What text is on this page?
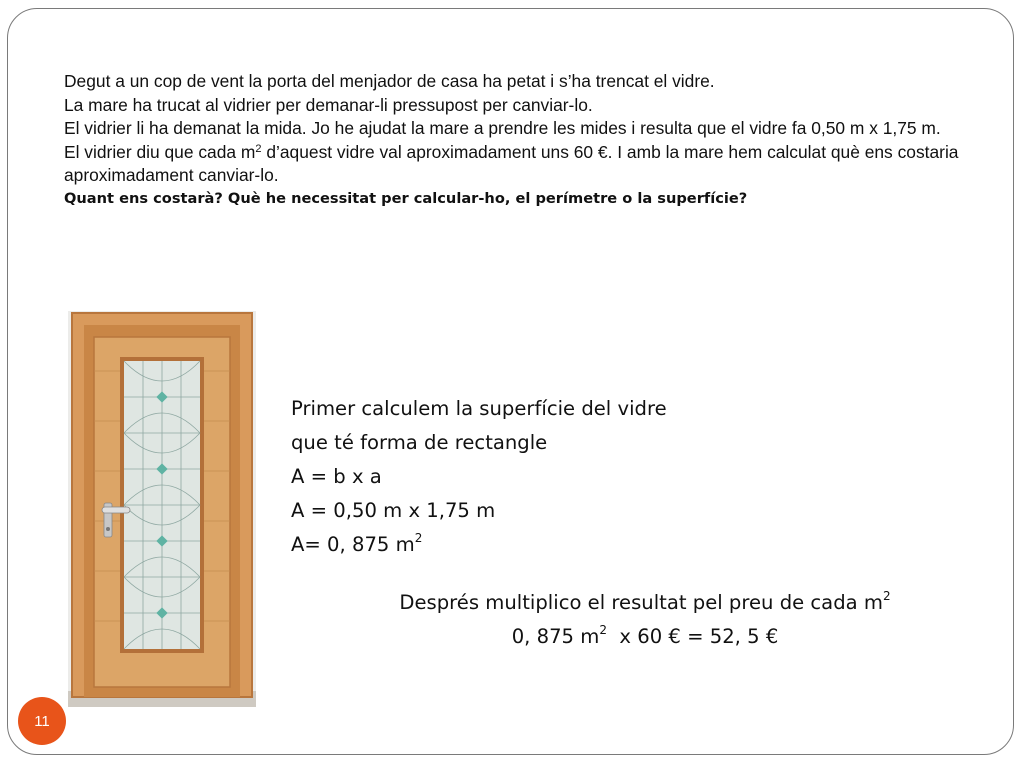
Degut a un cop de vent la porta del menjador de casa ha petat i s’ha trencat el vidre.

La mare ha trucat al vidrier per demanar-li pressupost per canviar-lo.

El vidrier li ha demanat la mida. Jo he ajudat la mare a prendre les mides i resulta que el vidre fa 0,50 m x 1,75 m.

El vidrier diu que cada $m^2$ d’aquest vidre val aproximadament uns 60 €. I amb la mare hem calculat què ens costaria aproximadament canviar-lo.

Quant ens costarà? Què he necessitat per calcular-ho, el perímetre o la superfície?

Primer calculem la superfície del vidre
que té forma de rectangle
A = b x a
A = 0,50 m x 1,75 m
A= 0, 875 $m^2$
Després multiplico el resultat pel preu de cada $m^2$
0, 875 $m^2$  x 60 € = 52, 5 €
11
